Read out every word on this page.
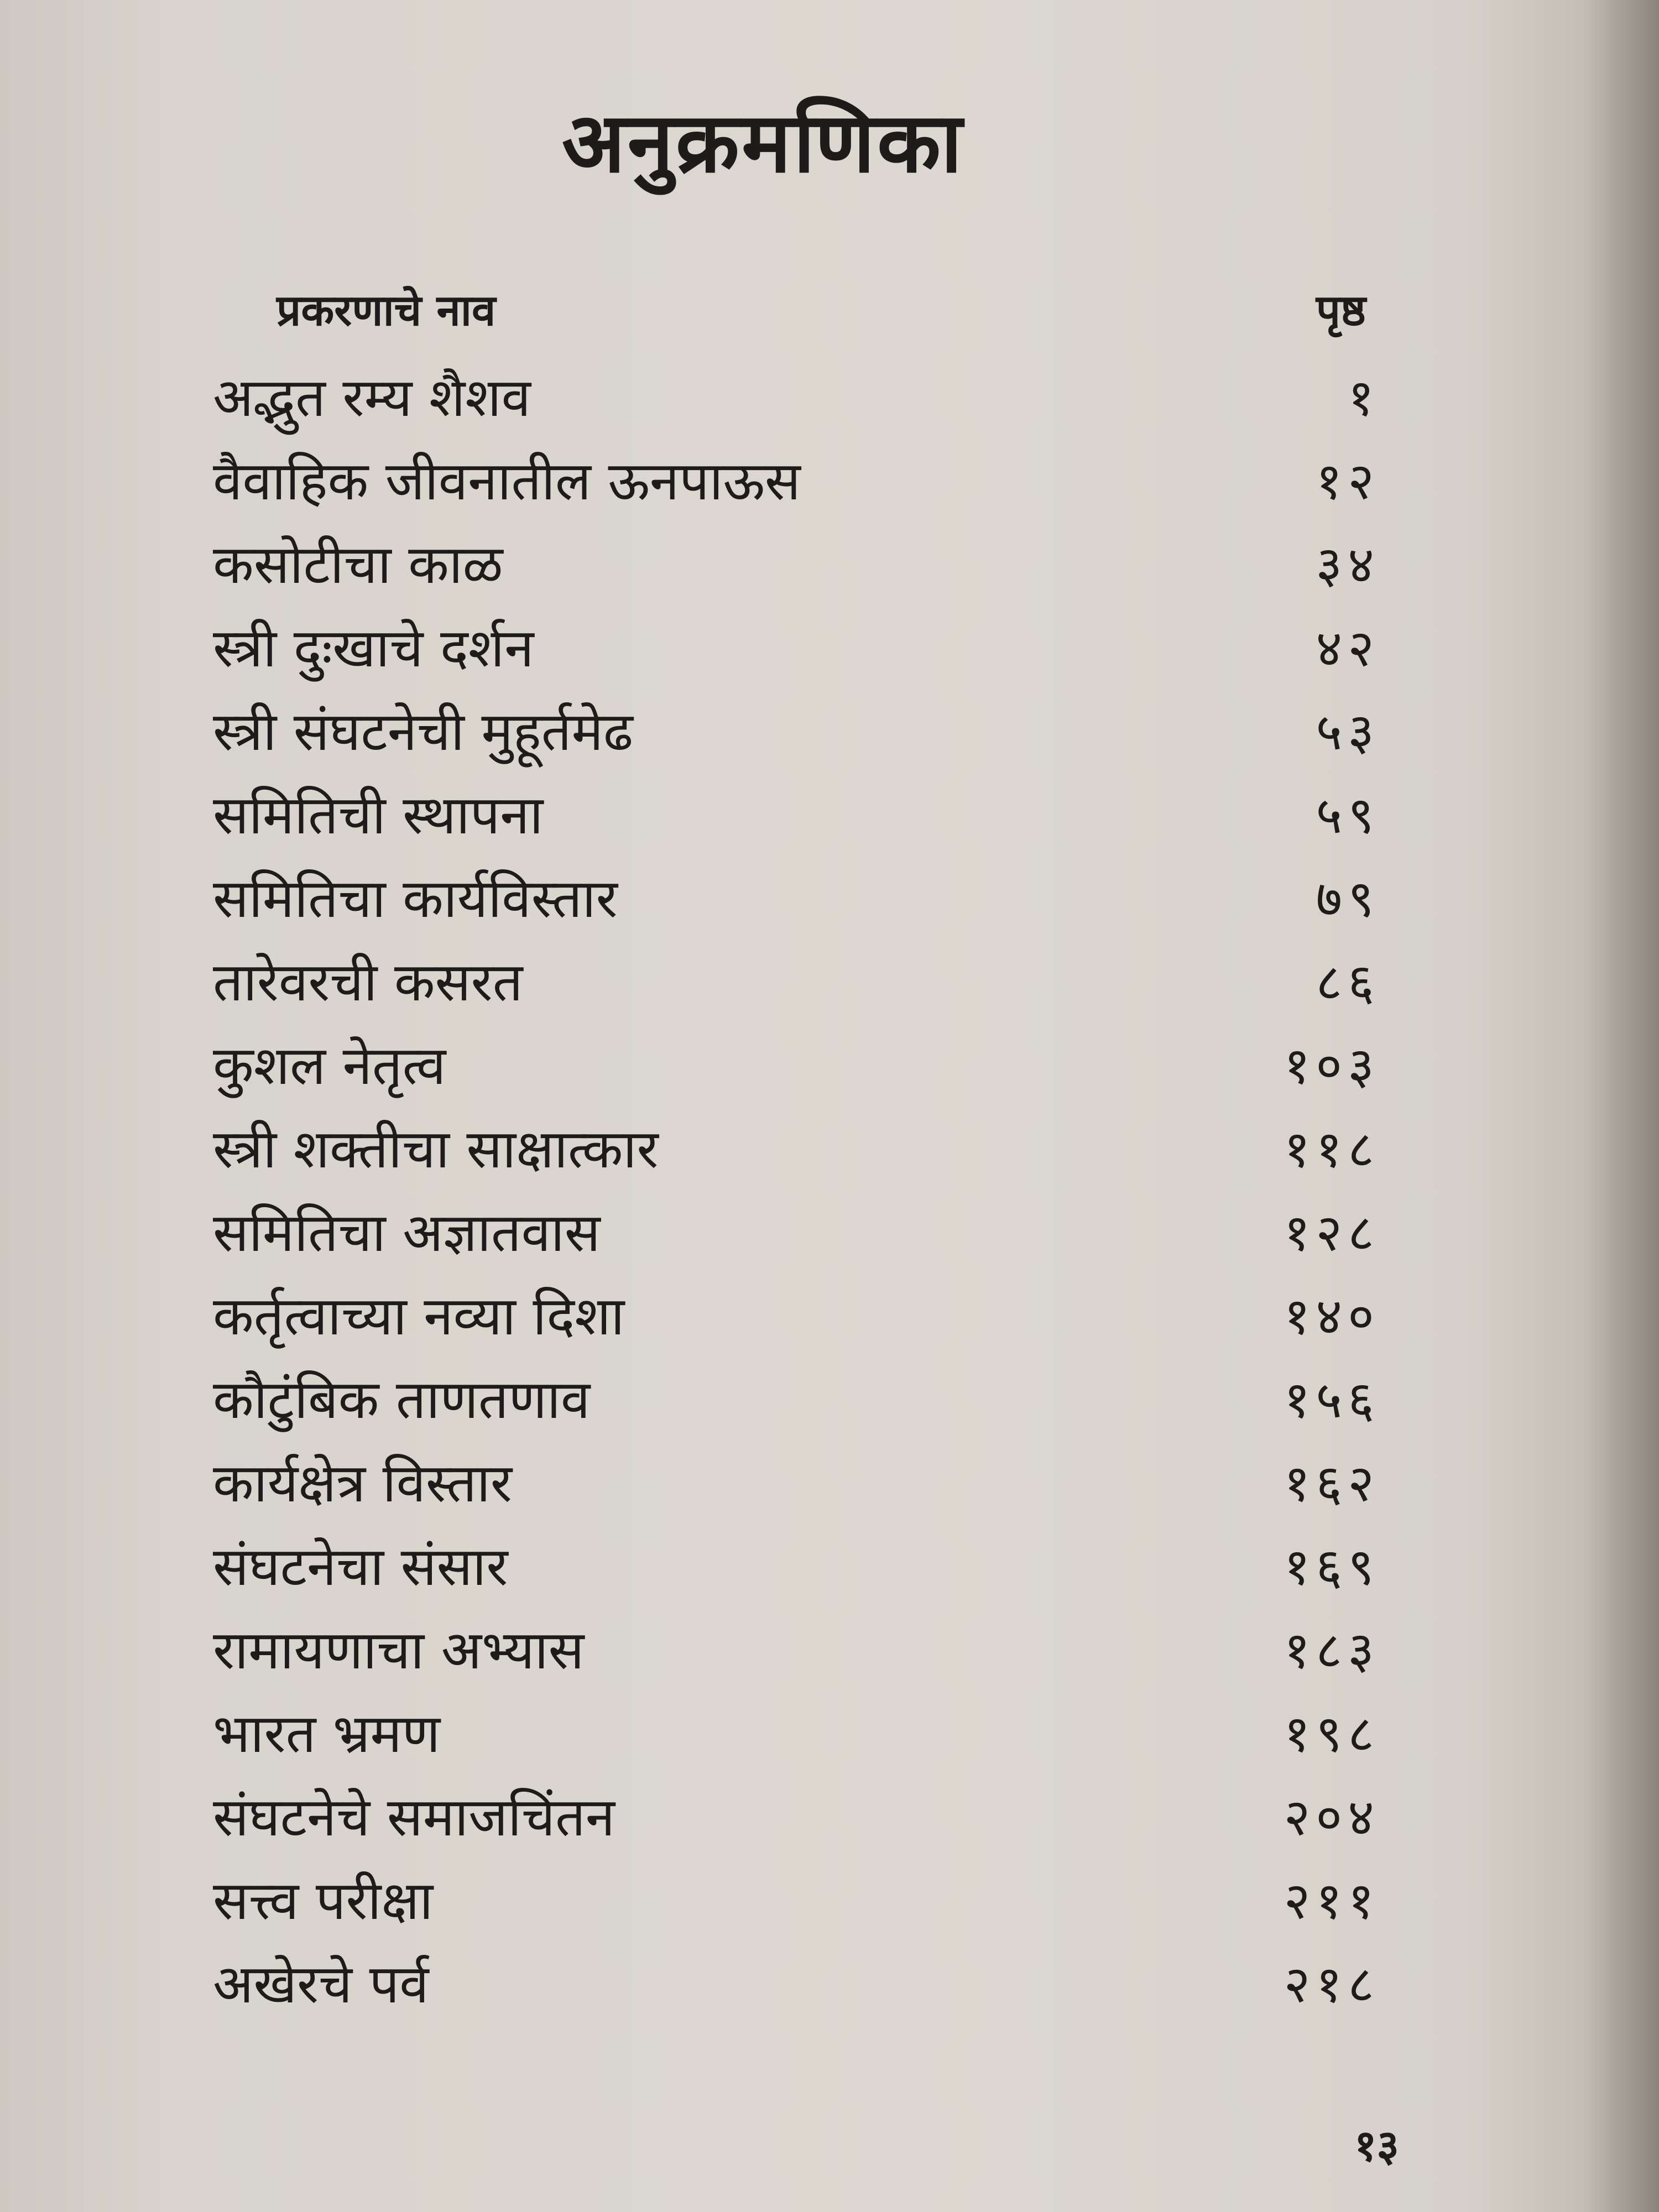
अनुक्रमणिका
प्रकरणाचे नाव	पृष्ठ
अद्भुत रम्य शैशव	१
वैवाहिक जीवनातील ऊनपाऊस	१२
कसोटीचा काळ	३४
स्त्री दुःखाचे दर्शन	४२
स्त्री संघटनेची मुहूर्तमेढ	५३
समितिची स्थापना	५९
समितिचा कार्यविस्तार	७९
तारेवरची कसरत	८६
कुशल नेतृत्व	१०३
स्त्री शक्तीचा साक्षात्कार	११८
समितिचा अज्ञातवास	१२८
कर्तृत्वाच्या नव्या दिशा	१४०
कौटुंबिक ताणतणाव	१५६
कार्यक्षेत्र विस्तार	१६२
संघटनेचा संसार	१६९
रामायणाचा अभ्यास	१८३
भारत भ्रमण	१९८
संघटनेचे समाजचिंतन	२०४
सत्त्व परीक्षा	२११
अखेरचे पर्व	२१८
१३
